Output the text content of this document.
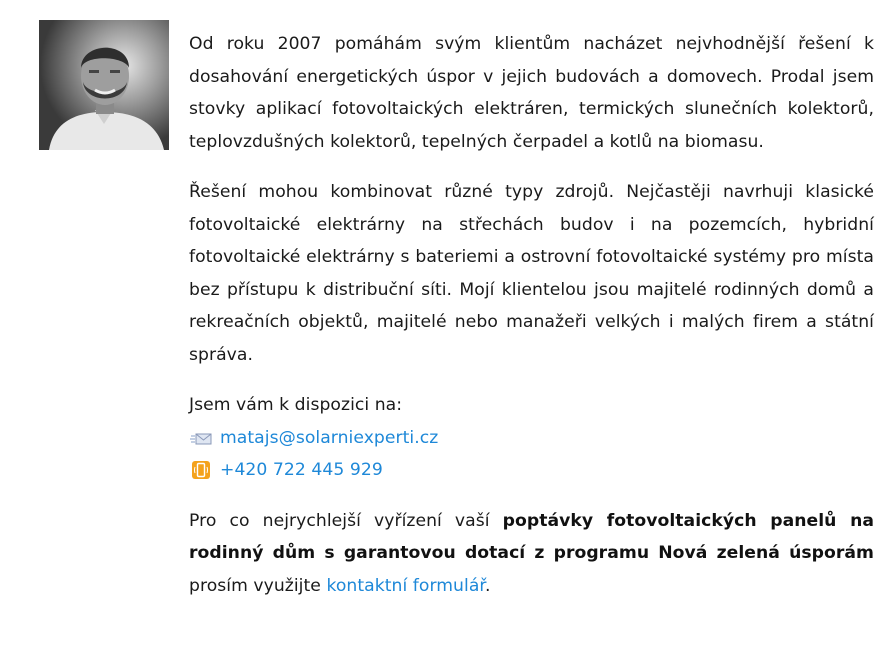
Od roku 2007 pomáhám svým klientům nacházet nejvhodnější řešení k dosahování energetických úspor v jejich budovách a domovech. Prodal jsem stovky aplikací fotovoltaických elektráren, termických slunečních kolektorů, teplovzdušných kolektorů, tepelných čerpadel a kotlů na biomasu.

Řešení mohou kombinovat různé typy zdrojů. Nejčastěji navrhuji klasické fotovoltaické elektrárny na střechách budov i na pozemcích, hybridní fotovoltaické elektrárny s bateriemi a ostrovní fotovoltaické systémy pro místa bez přístupu k distribuční síti. Mojí klientelou jsou majitelé rodinných domů a rekreačních objektů, majitelé nebo manažeři velkých i malých firem a státní správa.

Jsem vám k dispozici na:

matajs@solarniexperti.cz
+420 722 445 929

Pro co nejrychlejší vyřízení vaší poptávky fotovoltaických panelů na rodinný dům s garantovou dotací z programu Nová zelená úsporám prosím využijte kontaktní formulář.
